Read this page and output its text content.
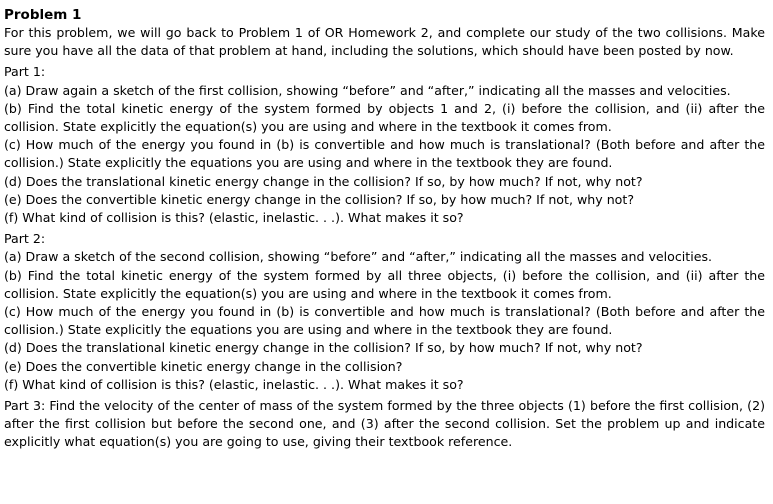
Problem 1

For this problem, we will go back to Problem 1 of OR Homework 2, and complete our study of the two collisions. Make sure you have all the data of that problem at hand, including the solutions, which should have been posted by now.

Part 1:

(a) Draw again a sketch of the first collision, showing “before” and “after,” indicating all the masses and velocities.

(b) Find the total kinetic energy of the system formed by objects 1 and 2, (i) before the collision, and (ii) after the collision. State explicitly the equation(s) you are using and where in the textbook it comes from.

(c) How much of the energy you found in (b) is convertible and how much is translational? (Both before and after the collision.) State explicitly the equations you are using and where in the textbook they are found.

(d) Does the translational kinetic energy change in the collision? If so, by how much? If not, why not?

(e) Does the convertible kinetic energy change in the collision? If so, by how much? If not, why not?

(f) What kind of collision is this? (elastic, inelastic. . .). What makes it so?

Part 2:

(a) Draw a sketch of the second collision, showing “before” and “after,” indicating all the masses and velocities.

(b) Find the total kinetic energy of the system formed by all three objects, (i) before the collision, and (ii) after the collision. State explicitly the equation(s) you are using and where in the textbook it comes from.

(c) How much of the energy you found in (b) is convertible and how much is translational? (Both before and after the collision.) State explicitly the equations you are using and where in the textbook they are found.

(d) Does the translational kinetic energy change in the collision? If so, by how much? If not, why not?

(e) Does the convertible kinetic energy change in the collision?

(f) What kind of collision is this? (elastic, inelastic. . .). What makes it so?

Part 3: Find the velocity of the center of mass of the system formed by the three objects (1) before the first collision, (2) after the first collision but before the second one, and (3) after the second collision. Set the problem up and indicate explicitly what equation(s) you are going to use, giving their textbook reference.
